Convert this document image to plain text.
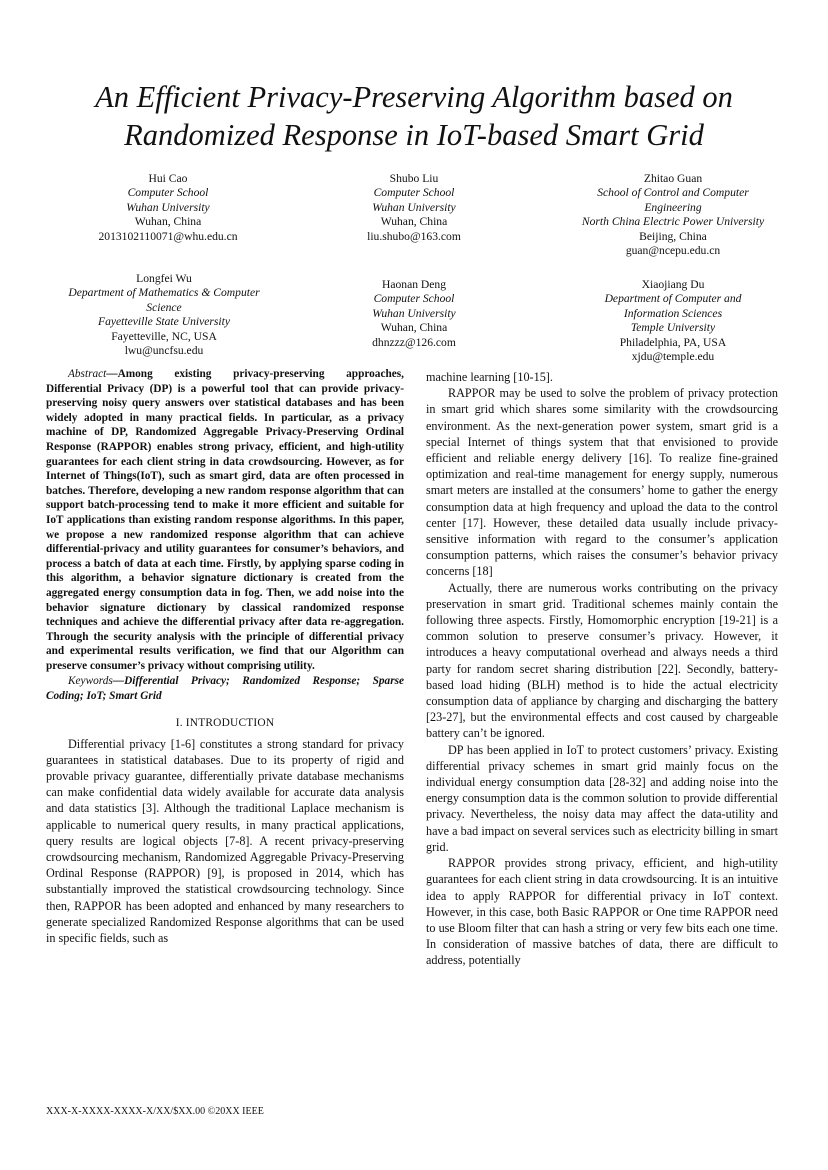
An Efficient Privacy-Preserving Algorithm based on
Randomized Response in IoT-based Smart Grid
Hui Cao
Computer School
Wuhan University
Wuhan, China
2013102110071@whu.edu.cn
Shubo Liu
Computer School
Wuhan University
Wuhan, China
liu.shubo@163.com
Zhitao Guan
School of Control and Computer
Engineering
North China Electric Power University
Beijing, China
guan@ncepu.edu.cn
Longfei Wu
Department of Mathematics & Computer
Science
Fayetteville State University
Fayetteville, NC, USA
lwu@uncfsu.edu
Haonan Deng
Computer School
Wuhan University
Wuhan, China
dhnzzz@126.com
Xiaojiang Du
Department of Computer and
Information Sciences
Temple University
Philadelphia, PA, USA
xjdu@temple.edu

Abstract—Among existing privacy-preserving approaches, Differential Privacy (DP) is a powerful tool that can provide privacy-preserving noisy query answers over statistical databases and has been widely adopted in many practical fields. In particular, as a privacy machine of DP, Randomized Aggregable Privacy-Preserving Ordinal Response (RAPPOR) enables strong privacy, efficient, and high-utility guarantees for each client string in data crowdsourcing. However, as for Internet of Things(IoT), such as smart gird, data are often processed in batches. Therefore, developing a new random response algorithm that can support batch-processing tend to make it more efficient and suitable for IoT applications than existing random response algorithms. In this paper, we propose a new randomized response algorithm that can achieve differential-privacy and utility guarantees for consumer’s behaviors, and process a batch of data at each time. Firstly, by applying sparse coding in this algorithm, a behavior signature dictionary is created from the aggregated energy consumption data in fog. Then, we add noise into the behavior signature dictionary by classical randomized response techniques and achieve the differential privacy after data re-aggregation. Through the security analysis with the principle of differential privacy and experimental results verification, we find that our Algorithm can preserve consumer’s privacy without comprising utility.

Keywords—Differential Privacy; Randomized Response; Sparse Coding; IoT; Smart Grid

I. INTRODUCTION

Differential privacy [1-6] constitutes a strong standard for privacy guarantees in statistical databases. Due to its property of rigid and provable privacy guarantee, differentially private database mechanisms can make confidential data widely available for accurate data analysis and data statistics [3]. Although the traditional Laplace mechanism is applicable to numerical query results, in many practical applications, query results are logical objects [7-8]. A recent privacy-preserving crowdsourcing mechanism, Randomized Aggregable Privacy-Preserving Ordinal Response (RAPPOR) [9], is proposed in 2014, which has substantially improved the statistical crowdsourcing technology. Since then, RAPPOR has been adopted and enhanced by many researchers to generate specialized Randomized Response algorithms that can be used in specific fields, such as

machine learning [10-15].

RAPPOR may be used to solve the problem of privacy protection in smart grid which shares some similarity with the crowdsourcing environment. As the next-generation power system, smart grid is a special Internet of things system that that envisioned to provide efficient and reliable energy delivery [16]. To realize fine-grained optimization and real-time management for energy supply, numerous smart meters are installed at the consumers’ home to gather the energy consumption data at high frequency and upload the data to the control center [17]. However, these detailed data usually include privacy-sensitive information with regard to the consumer’s application consumption patterns, which raises the consumer’s behavior privacy concerns [18]

Actually, there are numerous works contributing on the privacy preservation in smart grid. Traditional schemes mainly contain the following three aspects. Firstly, Homomorphic encryption [19-21] is a common solution to preserve consumer’s privacy. However, it introduces a heavy computational overhead and always needs a third party for random secret sharing distribution [22]. Secondly, battery-based load hiding (BLH) method is to hide the actual electricity consumption data of appliance by charging and discharging the battery [23-27], but the environmental effects and cost caused by chargeable battery can’t be ignored.

DP has been applied in IoT to protect customers’ privacy. Existing differential privacy schemes in smart grid mainly focus on the individual energy consumption data [28-32] and adding noise into the energy consumption data is the common solution to provide differential privacy. Nevertheless, the noisy data may affect the data-utility and have a bad impact on several services such as electricity billing in smart grid.

RAPPOR provides strong privacy, efficient, and high-utility guarantees for each client string in data crowdsourcing. It is an intuitive idea to apply RAPPOR for differential privacy in IoT context. However, in this case, both Basic RAPPOR or One time RAPPOR need to use Bloom filter that can hash a string or very few bits each one time. In consideration of massive batches of data, there are difficult to address, potentially

XXX-X-XXXX-XXXX-X/XX/$XX.00 ©20XX IEEE
